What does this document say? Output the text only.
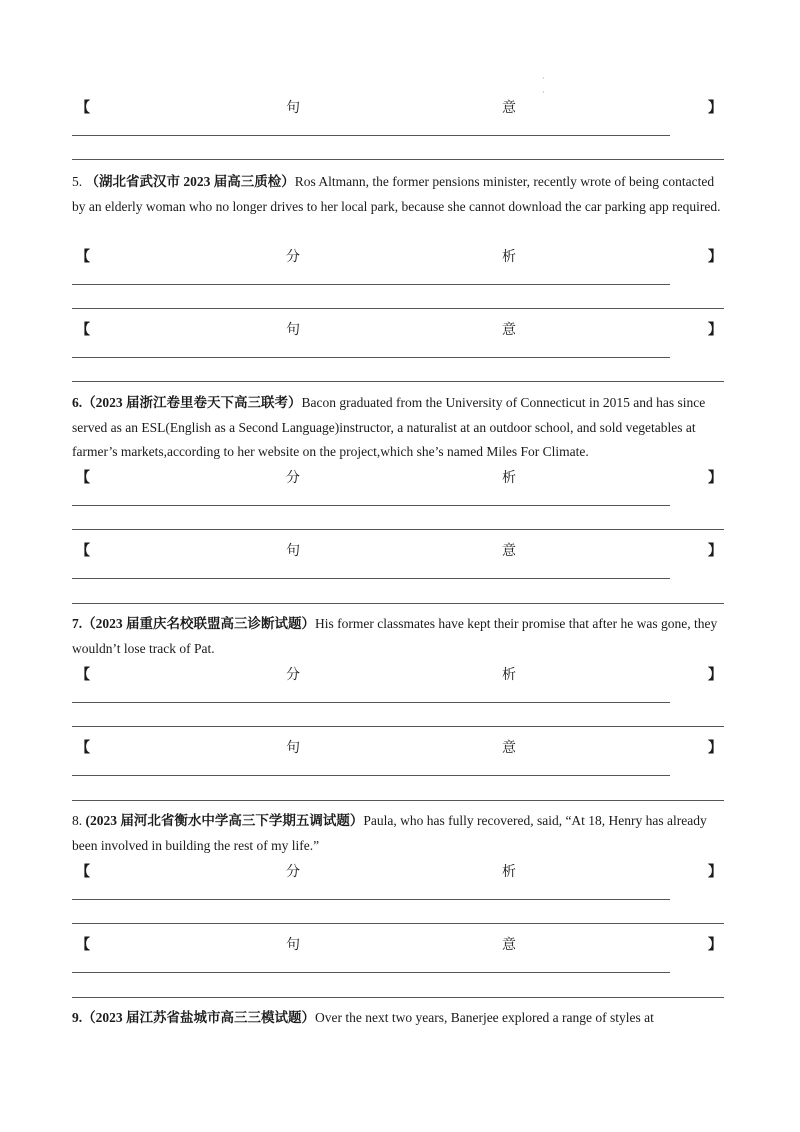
·
·
【	句	意	】
5. （湖北省武汉市 2023 届高三质检）Ros Altmann, the former pensions minister, recently wrote of being contacted by an elderly woman who no longer drives to her local park, because she cannot download the car parking app required.
【	分	析	】
【	句	意	】
6.（2023 届浙江卷里卷天下高三联考）Bacon graduated from the University of Connecticut in 2015 and has since served as an ESL(English as a Second Language)instructor, a naturalist at an outdoor school, and sold vegetables at farmer’s markets,according to her website on the project,which she’s named Miles For Climate.
【	分	析	】
【	句	意	】
7.（2023 届重庆名校联盟高三诊断试题）His former classmates have kept their promise that after he was gone, they wouldn’t lose track of Pat.
【	分	析	】
【	句	意	】
8. (2023 届河北省衡水中学高三下学期五调试题）Paula, who has fully recovered, said, “At 18, Henry has already been involved in building the rest of my life.”
【	分	析	】
【	句	意	】
9.（2023 届江苏省盐城市高三三模试题）Over the next two years, Banerjee explored a range of styles at
